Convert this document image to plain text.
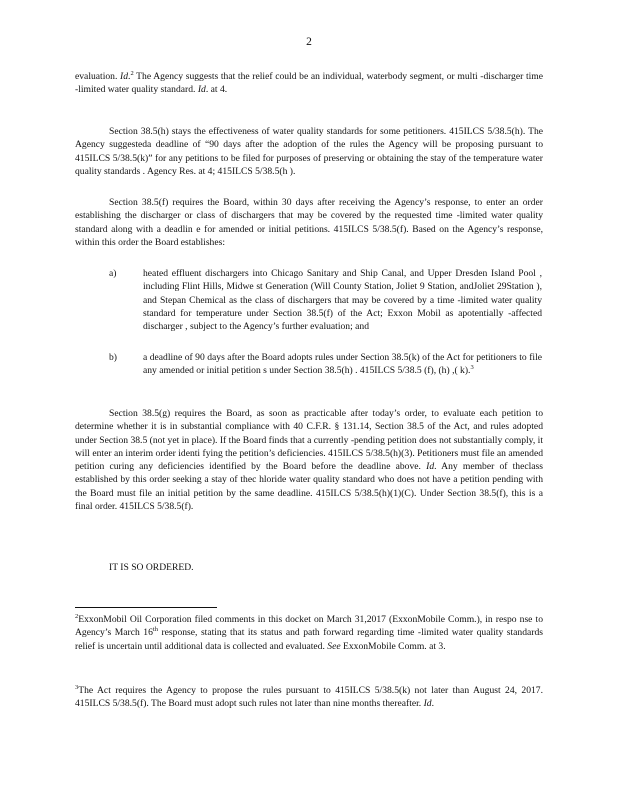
2
evaluation. Id.$^2$ The Agency suggests that the relief could be an individual, waterbody segment, or multi -discharger time -limited water quality standard. Id. at 4.
Section 38.5(h) stays the effectiveness of water quality standards for some petitioners. 415ILCS 5/38.5(h). The Agency suggesteda deadline of “90 days after the adoption of the rules the Agency will be proposing pursuant to 415ILCS 5/38.5(k)” for any petitions to be filed for purposes of preserving or obtaining the stay of the temperature water quality standards . Agency Res. at 4; 415ILCS 5/38.5(h ).
Section 38.5(f) requires the Board, within 30 days after receiving the Agency’s response, to enter an order establishing the discharger or class of dischargers that may be covered by the requested time -limited water quality standard along with a deadlin e for amended or initial petitions. 415ILCS 5/38.5(f). Based on the Agency’s response, within this order the Board establishes:
a)	heated effluent dischargers into Chicago Sanitary and Ship Canal, and Upper Dresden Island Pool , including Flint Hills, Midwe st Generation (Will County Station, Joliet 9 Station, andJoliet 29Station ), and Stepan Chemical as the class of dischargers that may be covered by a time -limited water quality standard for temperature under Section 38.5(f) of the Act; Exxon Mobil as apotentially -affected discharger , subject to the Agency’s further evaluation; and
b)	a deadline of 90 days after the Board adopts rules under Section 38.5(k) of the Act for petitioners to file any amended or initial petition s under Section 38.5(h) . 415ILCS 5/38.5 (f), (h) ,( k).$^3$
Section 38.5(g) requires the Board, as soon as practicable after today’s order, to evaluate each petition to determine whether it is in substantial compliance with 40 C.F.R. § 131.14, Section 38.5 of the Act, and rules adopted under Section 38.5 (not yet in place). If the Board finds that a currently -pending petition does not substantially comply, it will enter an interim order identi fying the petition’s deficiencies. 415ILCS 5/38.5(h)(3). Petitioners must file an amended petition curing any deficiencies identified by the Board before the deadline above. Id. Any member of theclass established by this order seeking a stay of thec hloride water quality standard who does not have a petition pending with the Board must file an initial petition by the same deadline. 415ILCS 5/38.5(h)(1)(C). Under Section 38.5(f), this is a final order. 415ILCS 5/38.5(f).
IT IS SO ORDERED.
$^2$ExxonMobil Oil Corporation filed comments in this docket on March 31,2017 (ExxonMobile Comm.), in respo nse to Agency’s March 16th response, stating that its status and path forward regarding time -limited water quality standards relief is uncertain until additional data is collected and evaluated. See ExxonMobile Comm. at 3.
$^3$The Act requires the Agency to propose the rules pursuant to 415ILCS 5/38.5(k) not later than August 24, 2017. 415ILCS 5/38.5(f). The Board must adopt such rules not later than nine months thereafter. Id.
